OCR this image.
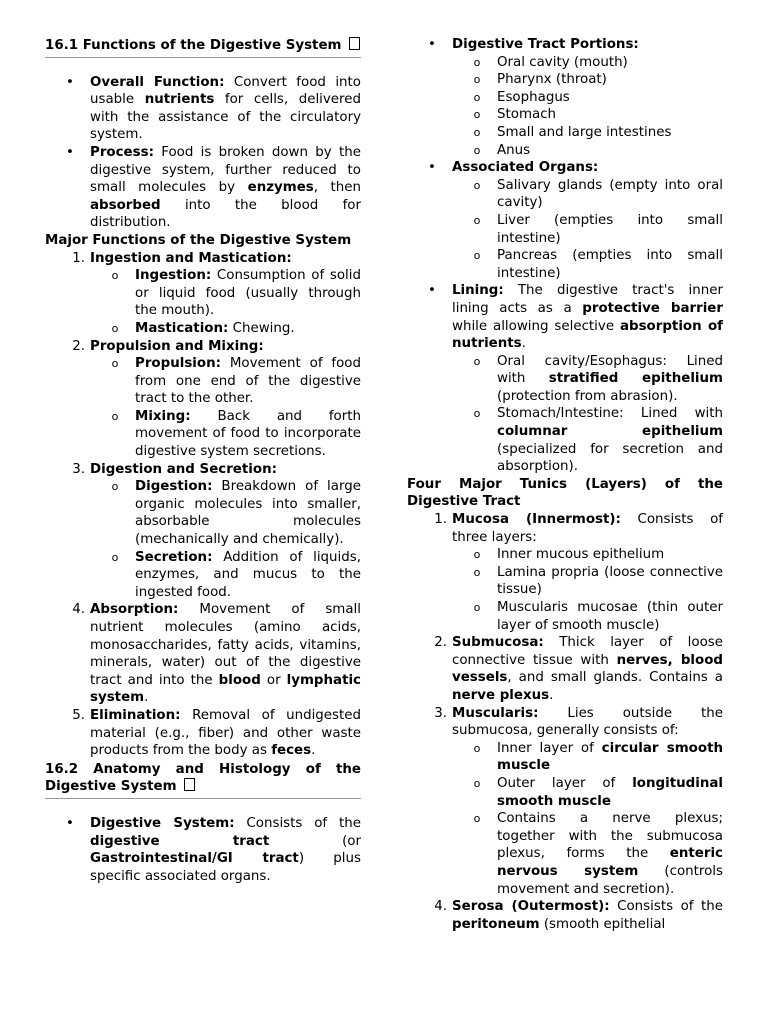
16.1 Functions of the Digestive System
• Overall Function: Convert food into usable nutrients for cells, delivered with the assistance of the circulatory system.
• Process: Food is broken down by the digestive system, further reduced to small molecules by enzymes, then absorbed into the blood for distribution.
Major Functions of the Digestive System
1. Ingestion and Mastication:
o Ingestion: Consumption of solid or liquid food (usually through the mouth).
o Mastication: Chewing.
2. Propulsion and Mixing:
o Propulsion: Movement of food from one end of the digestive tract to the other.
o Mixing: Back and forth movement of food to incorporate digestive system secretions.
3. Digestion and Secretion:
o Digestion: Breakdown of large organic molecules into smaller, absorbable molecules (mechanically and chemically).
o Secretion: Addition of liquids, enzymes, and mucus to the ingested food.
4. Absorption: Movement of small nutrient molecules (amino acids, monosaccharides, fatty acids, vitamins, minerals, water) out of the digestive tract and into the blood or lymphatic system.
5. Elimination: Removal of undigested material (e.g., fiber) and other waste products from the body as feces.
16.2 Anatomy and Histology of the Digestive System
• Digestive System: Consists of the digestive tract (or Gastrointestinal/GI tract) plus specific associated organs.
• Digestive Tract Portions:
o Oral cavity (mouth)
o Pharynx (throat)
o Esophagus
o Stomach
o Small and large intestines
o Anus
• Associated Organs:
o Salivary glands (empty into oral cavity)
o Liver (empties into small intestine)
o Pancreas (empties into small intestine)
• Lining: The digestive tract's inner lining acts as a protective barrier while allowing selective absorption of nutrients.
o Oral cavity/Esophagus: Lined with stratified epithelium (protection from abrasion).
o Stomach/Intestine: Lined with columnar epithelium (specialized for secretion and absorption).
Four Major Tunics (Layers) of the Digestive Tract
1. Mucosa (Innermost): Consists of three layers:
o Inner mucous epithelium
o Lamina propria (loose connective tissue)
o Muscularis mucosae (thin outer layer of smooth muscle)
2. Submucosa: Thick layer of loose connective tissue with nerves, blood vessels, and small glands. Contains a nerve plexus.
3. Muscularis: Lies outside the submucosa, generally consists of:
o Inner layer of circular smooth muscle
o Outer layer of longitudinal smooth muscle
o Contains a nerve plexus; together with the submucosa plexus, forms the enteric nervous system (controls movement and secretion).
4. Serosa (Outermost): Consists of the peritoneum (smooth epithelial
